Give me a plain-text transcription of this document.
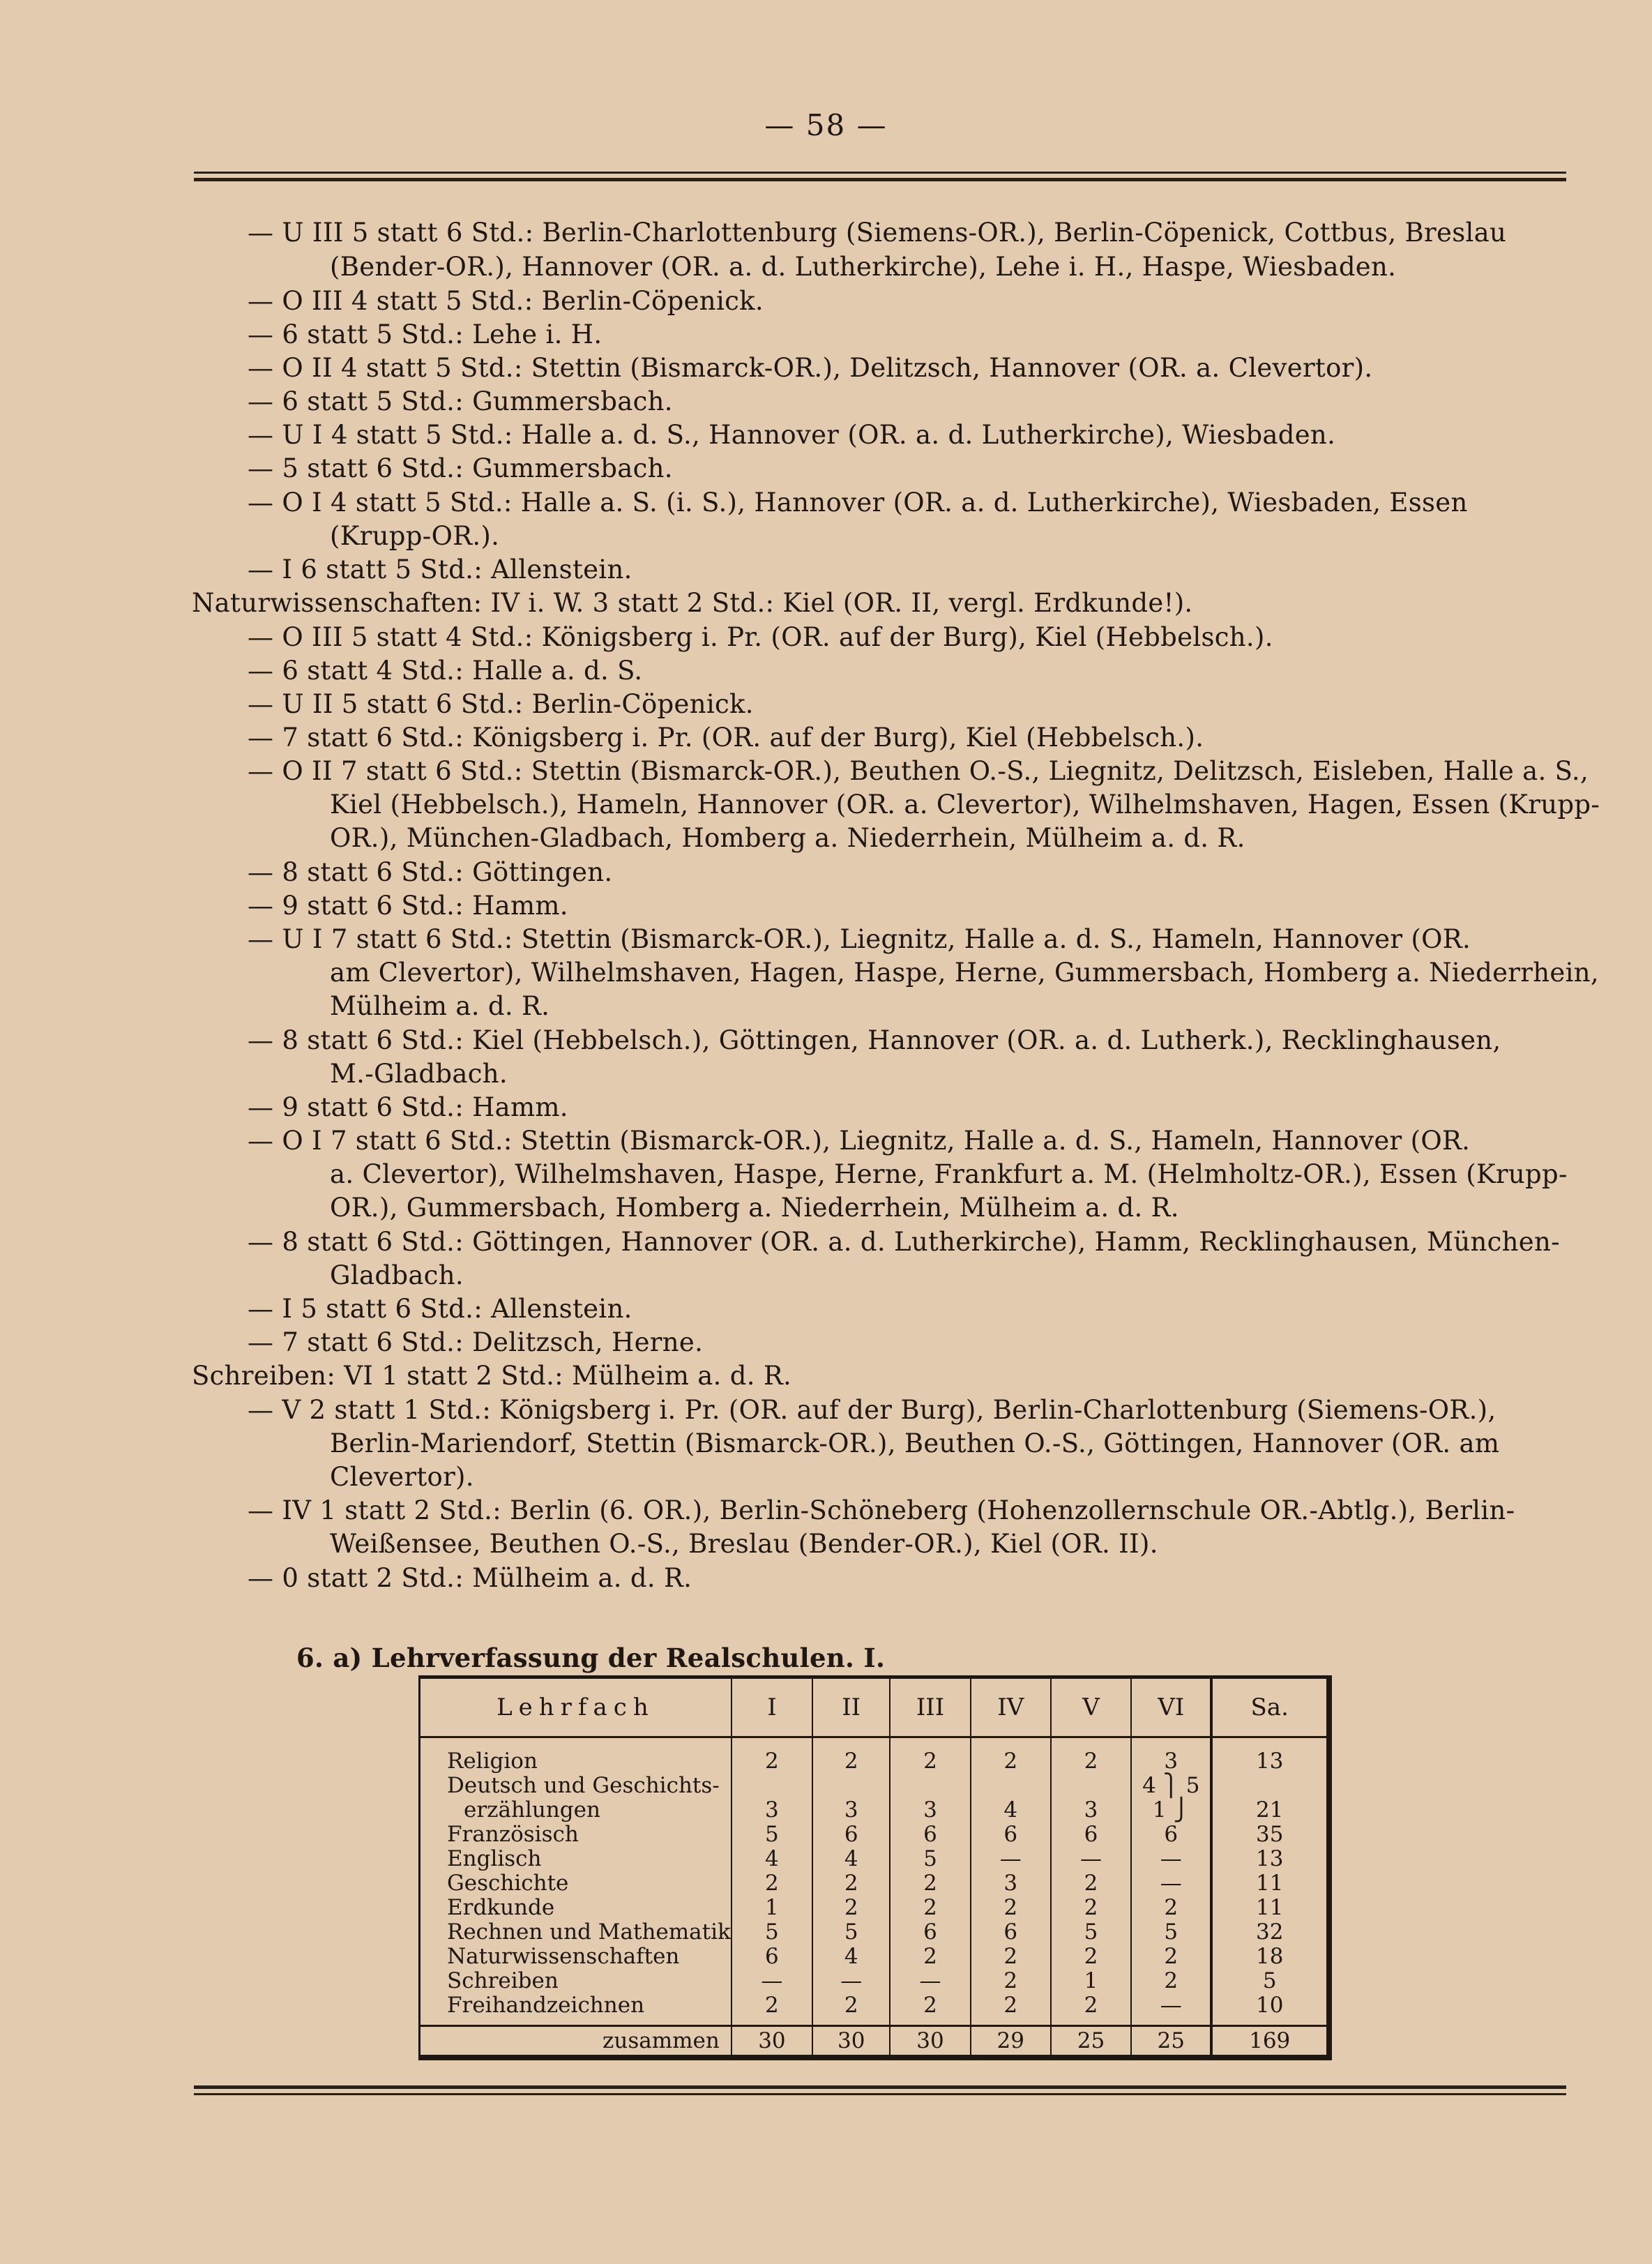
— 58 —
— U III 5 statt 6 Std.: Berlin-Charlottenburg (Siemens-OR.), Berlin-Cöpenick, Cottbus, Breslau
(Bender-OR.), Hannover (OR. a. d. Lutherkirche), Lehe i. H., Haspe, Wiesbaden.
— O III 4 statt 5 Std.: Berlin-Cöpenick.
— 6 statt 5 Std.: Lehe i. H.
— O II 4 statt 5 Std.: Stettin (Bismarck-OR.), Delitzsch, Hannover (OR. a. Clevertor).
— 6 statt 5 Std.: Gummersbach.
— U I 4 statt 5 Std.: Halle a. d. S., Hannover (OR. a. d. Lutherkirche), Wiesbaden.
— 5 statt 6 Std.: Gummersbach.
— O I 4 statt 5 Std.: Halle a. S. (i. S.), Hannover (OR. a. d. Lutherkirche), Wiesbaden, Essen
(Krupp-OR.).
— I 6 statt 5 Std.: Allenstein.
Naturwissenschaften: IV i. W. 3 statt 2 Std.: Kiel (OR. II, vergl. Erdkunde!).
— O III 5 statt 4 Std.: Königsberg i. Pr. (OR. auf der Burg), Kiel (Hebbelsch.).
— 6 statt 4 Std.: Halle a. d. S.
— U II 5 statt 6 Std.: Berlin-Cöpenick.
— 7 statt 6 Std.: Königsberg i. Pr. (OR. auf der Burg), Kiel (Hebbelsch.).
— O II 7 statt 6 Std.: Stettin (Bismarck-OR.), Beuthen O.-S., Liegnitz, Delitzsch, Eisleben, Halle a. S.,
Kiel (Hebbelsch.), Hameln, Hannover (OR. a. Clevertor), Wilhelmshaven, Hagen, Essen (Krupp-
OR.), München-Gladbach, Homberg a. Niederrhein, Mülheim a. d. R.
— 8 statt 6 Std.: Göttingen.
— 9 statt 6 Std.: Hamm.
— U I 7 statt 6 Std.: Stettin (Bismarck-OR.), Liegnitz, Halle a. d. S., Hameln, Hannover (OR.
am Clevertor), Wilhelmshaven, Hagen, Haspe, Herne, Gummersbach, Homberg a. Niederrhein,
Mülheim a. d. R.
— 8 statt 6 Std.: Kiel (Hebbelsch.), Göttingen, Hannover (OR. a. d. Lutherk.), Recklinghausen,
M.-Gladbach.
— 9 statt 6 Std.: Hamm.
— O I 7 statt 6 Std.: Stettin (Bismarck-OR.), Liegnitz, Halle a. d. S., Hameln, Hannover (OR.
a. Clevertor), Wilhelmshaven, Haspe, Herne, Frankfurt a. M. (Helmholtz-OR.), Essen (Krupp-
OR.), Gummersbach, Homberg a. Niederrhein, Mülheim a. d. R.
— 8 statt 6 Std.: Göttingen, Hannover (OR. a. d. Lutherkirche), Hamm, Recklinghausen, München-
Gladbach.
— I 5 statt 6 Std.: Allenstein.
— 7 statt 6 Std.: Delitzsch, Herne.
Schreiben: VI 1 statt 2 Std.: Mülheim a. d. R.
— V 2 statt 1 Std.: Königsberg i. Pr. (OR. auf der Burg), Berlin-Charlottenburg (Siemens-OR.),
Berlin-Mariendorf, Stettin (Bismarck-OR.), Beuthen O.-S., Göttingen, Hannover (OR. am
Clevertor).
— IV 1 statt 2 Std.: Berlin (6. OR.), Berlin-Schöneberg (Hohenzollernschule OR.-Abtlg.), Berlin-
Weißensee, Beuthen O.-S., Breslau (Bender-OR.), Kiel (OR. II).
— 0 statt 2 Std.: Mülheim a. d. R.
6. a) Lehrverfassung der Realschulen. I.
Lehrfach	I	II	III	IV	V	VI	Sa.
Religion	2	2	2	2	2	3	13
Deutsch und Geschichts-						4 ⎫ 5	
erzählungen	3	3	3	4	3	1 ⎭	21
Französisch	5	6	6	6	6	6	35
Englisch	4	4	5	—	—	—	13
Geschichte	2	2	2	3	2	—	11
Erdkunde	1	2	2	2	2	2	11
Rechnen und Mathematik	5	5	6	6	5	5	32
Naturwissenschaften	6	4	2	2	2	2	18
Schreiben	—	—	—	2	1	2	5
Freihandzeichnen	2	2	2	2	2	—	10
zusammen	30	30	30	29	25	25	169
